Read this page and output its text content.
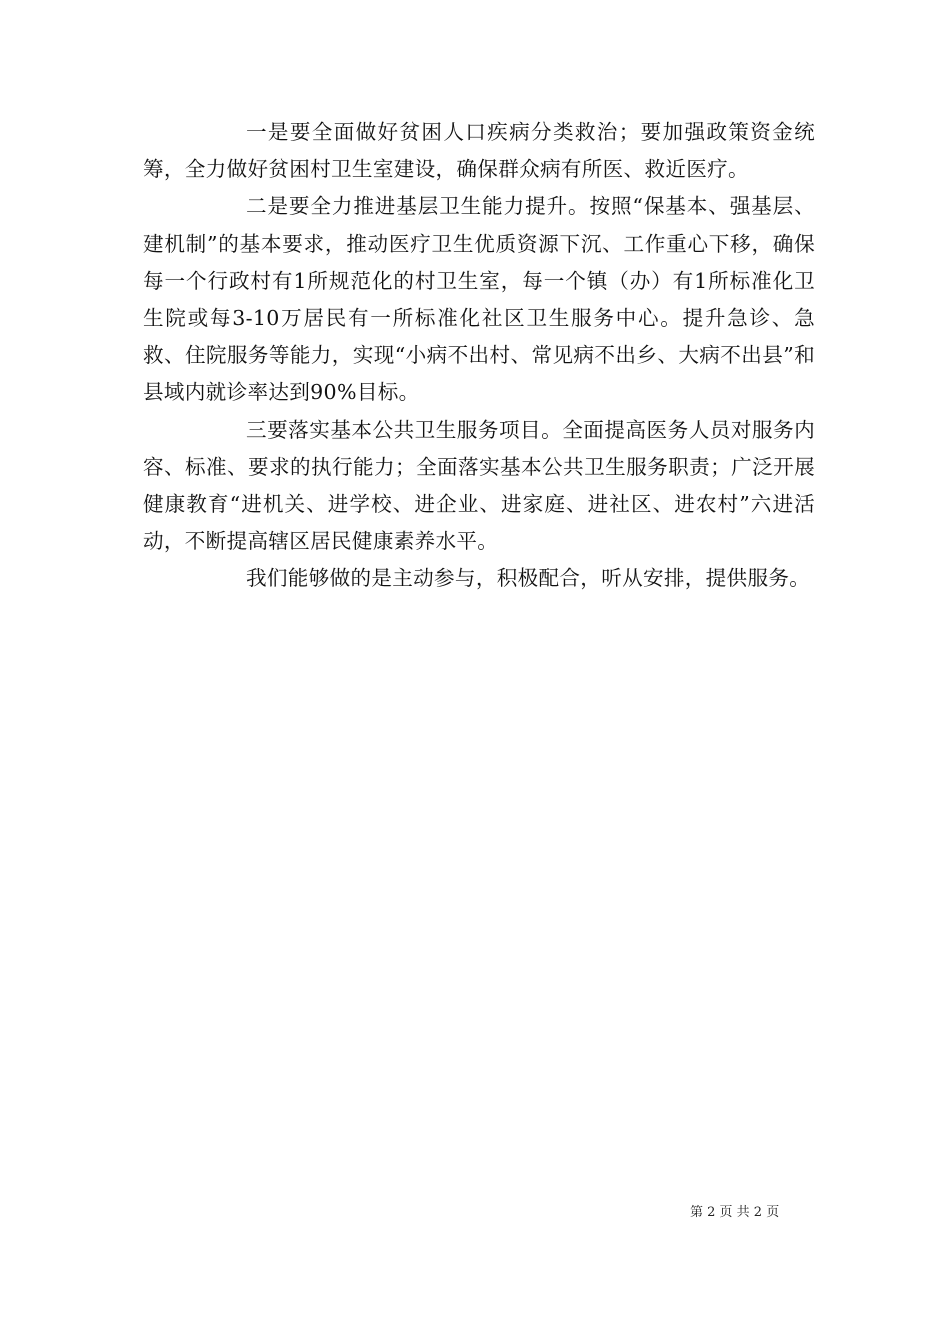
一是要全面做好贫困人口疾病分类救治；要加强政策资金统筹，全力做好贫困村卫生室建设，确保群众病有所医、救近医疗。

二是要全力推进基层卫生能力提升。按照“保基本、强基层、建机制”的基本要求，推动医疗卫生优质资源下沉、工作重心下移，确保每一个行政村有1所规范化的村卫生室，每一个镇（办）有1所标准化卫生院或每3-10万居民有一所标准化社区卫生服务中心。提升急诊、急救、住院服务等能力，实现“小病不出村、常见病不出乡、大病不出县”和县域内就诊率达到90%目标。

三要落实基本公共卫生服务项目。全面提高医务人员对服务内容、标准、要求的执行能力；全面落实基本公共卫生服务职责；广泛开展健康教育“进机关、进学校、进企业、进家庭、进社区、进农村”六进活动，不断提高辖区居民健康素养水平。

我们能够做的是主动参与，积极配合，听从安排，提供服务。

第 2 页 共 2 页
